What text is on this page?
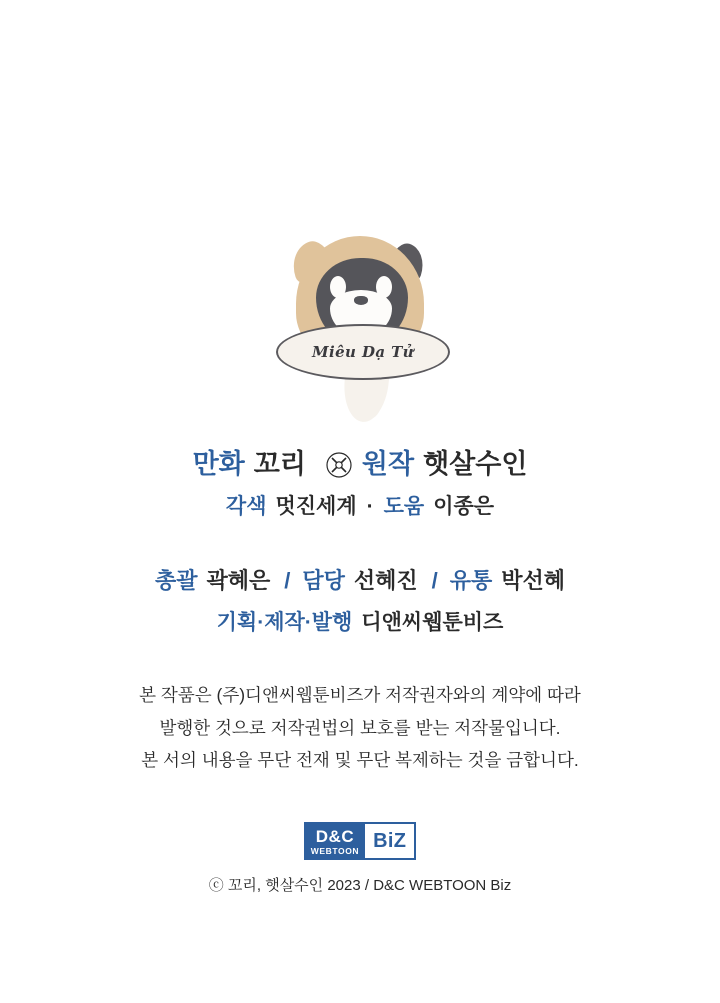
Miêu Dạ Tử
만화 꼬리 원작 햇살수인
각색 멋진세계 · 도움 이종은
총괄 곽혜은 / 담당 선혜진 / 유통 박선혜
기획·제작·발행 디앤씨웹툰비즈
본 작품은 (주)디앤씨웹툰비즈가 저작권자와의 계약에 따라
발행한 것으로 저작권법의 보호를 받는 저작물입니다.
본 서의 내용을 무단 전재 및 무단 복제하는 것을 금합니다.
D&C
WEBTOON BiZ
ⓒ 꼬리, 햇살수인 2023 / D&C WEBTOON Biz
